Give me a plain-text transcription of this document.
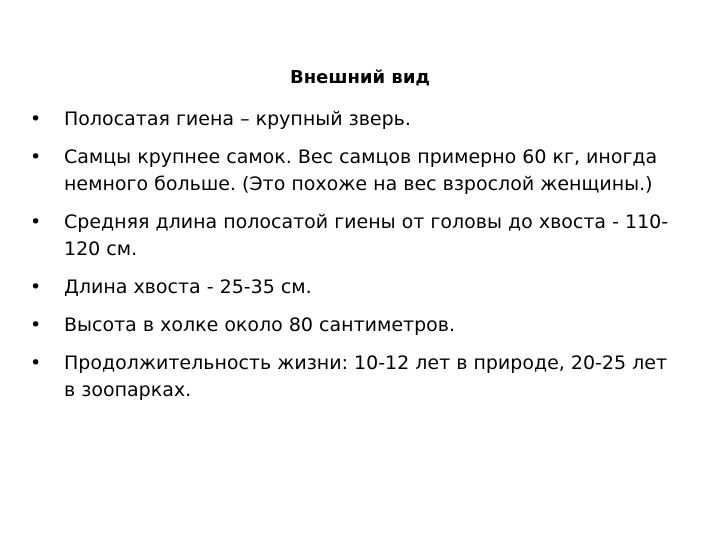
Внешний вид
•	Полосатая гиена – крупный зверь.
•	Самцы крупнее самок. Вес самцов примерно 60 кг, иногда немного больше. (Это похоже на вес взрослой женщины.)
•	Средняя длина полосатой гиены от головы до хвоста - 110-120 см.
•	Длина хвоста - 25-35 см.
•	Высота в холке около 80 сантиметров.
•	Продолжительность жизни: 10-12 лет в природе, 20-25 лет в зоопарках.
